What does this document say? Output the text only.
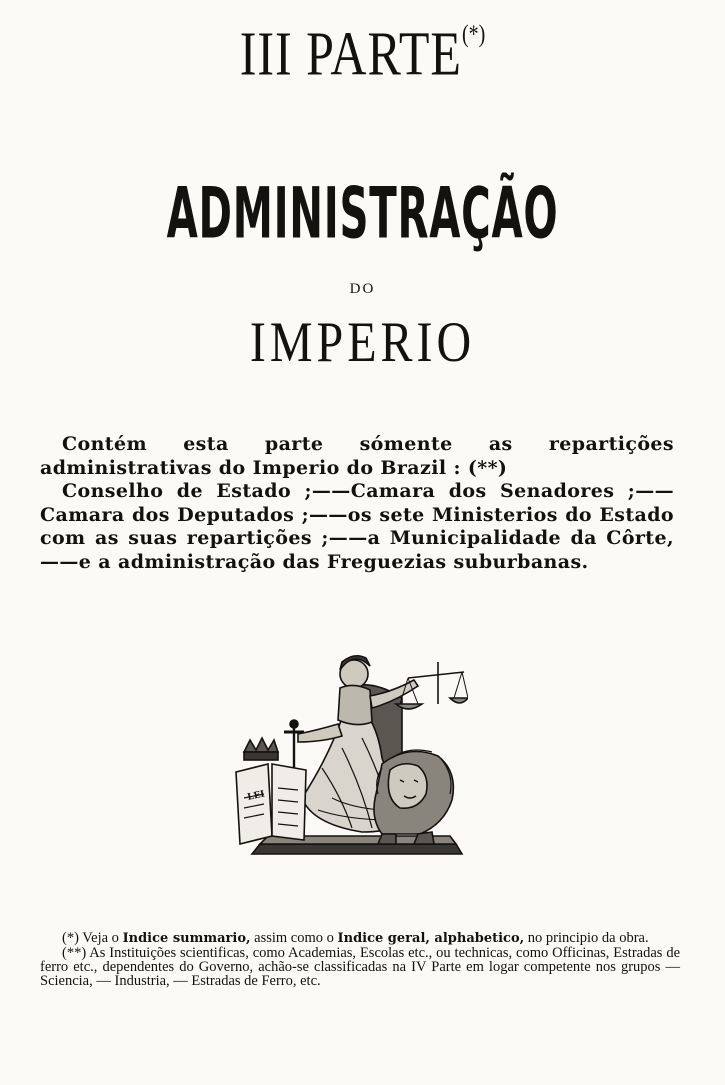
III PARTE(*)
ADMINISTRAÇÃO
DO
IMPERIO

Contém esta parte sómente as repartições administrativas do Imperio do Brazil : (**)

Conselho de Estado ;——Camara dos Senadores ;——Camara dos Deputados ;——os sete Ministerios do Estado com as suas repartições ;——a Municipalidade da Côrte, ——e a administração das Freguezias suburbanas.

LEI

(*) Veja o Indice summario, assim como o Indice geral, alphabetico, no principio da obra.

(**) As Instituições scientificas, como Academias, Escolas etc., ou technicas, como Officinas, Estradas de ferro etc., dependentes do Governo, achão-se classificadas na IV Parte em logar competente nos grupos — Sciencia, — Industria, — Estradas de Ferro, etc.
